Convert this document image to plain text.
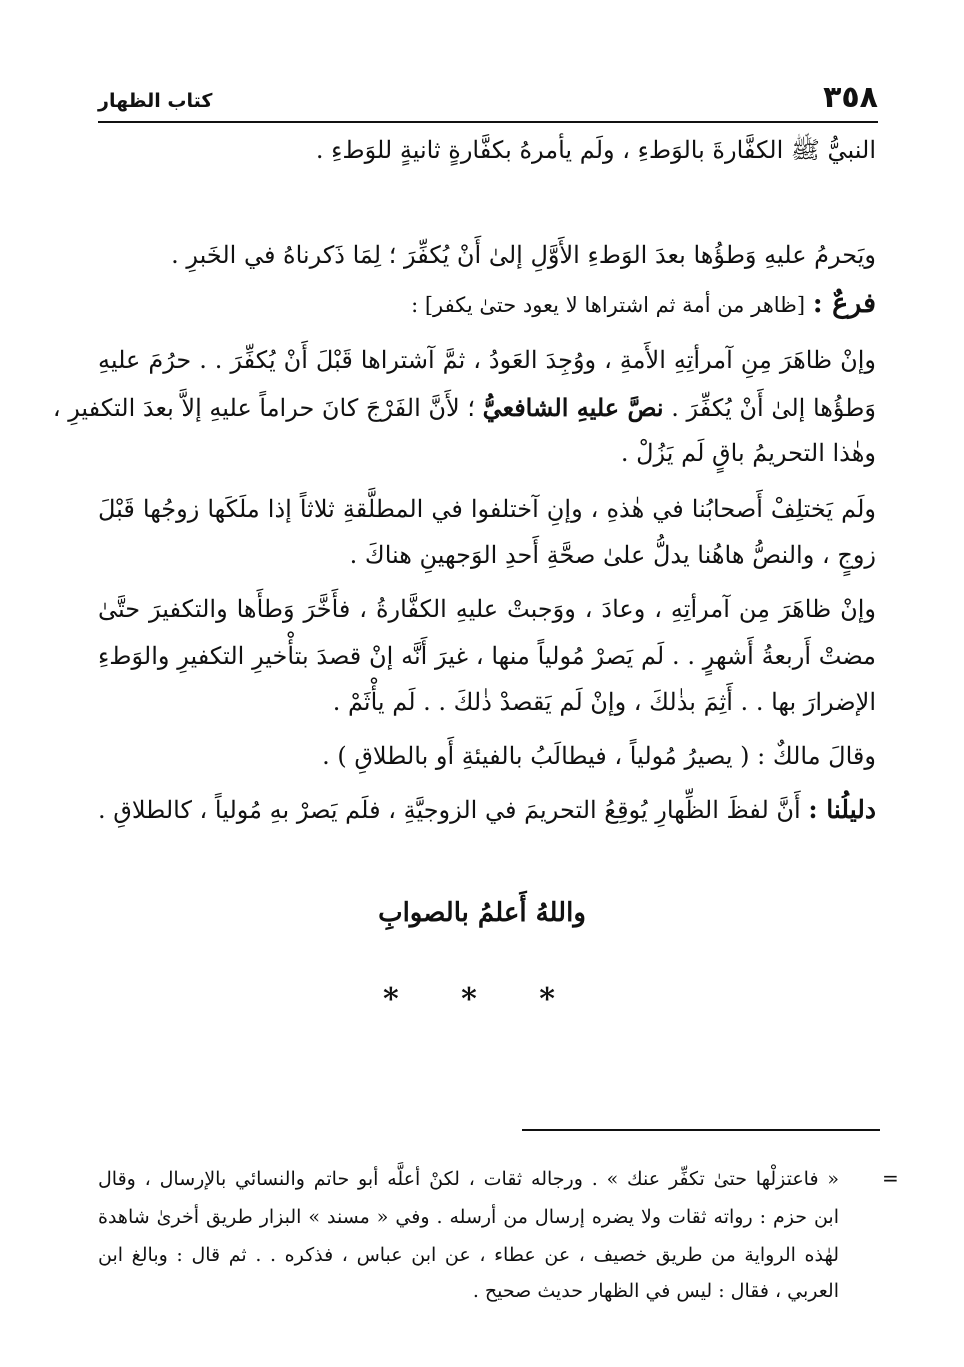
٣٥٨
كتاب الظهار
النبيُّ ﷺ الكفَّارةَ بالوَطءِ ، ولَم يأمرهُ بكفَّارةٍ ثانيةٍ للوَطءِ .
ويَحرمُ عليهِ وَطؤُها بعدَ الوَطءِ الأَوَّلِ إلىٰ أَنْ يُكفِّرَ ؛ لِمَا ذَكرناهُ في الخَبرِ .
فرعٌ : [ظاهر من أمة ثم اشتراها لا يعود حتىٰ يكفر] :
وإنْ ظاهَرَ مِنِ آمرأتِهِ الأَمةِ ، ووُجِدَ العَودُ ، ثمَّ آشتراها قَبْلَ أَنْ يُكفِّرَ . . حرُمَ عليهِ
وَطؤُها إلىٰ أَنْ يُكفِّرَ . نصَّ عليهِ الشافعيُّ ؛ لأَنَّ الفَرْجَ كانَ حراماً عليهِ إلاَّ بعدَ التكفيرِ ،
وهٰذا التحريمُ باقٍ لَم يَزُلْ .
ولَم يَختلِفْ أَصحابُنا في هٰذهِ ، وإنِ آختلفوا في المطلَّقةِ ثلاثاً إذا ملَكَها زوجُها قَبْلَ
زوجٍ ، والنصُّ هاهُنا يدلُّ علىٰ صحَّةِ أَحدِ الوَجهينِ هناكَ .
وإنْ ظاهَرَ مِن آمرأتِهِ ، وعادَ ، ووَجبتْ عليهِ الكفَّارةُ ، فأَخَّرَ وَطأَها والتكفيرَ حتَّىٰ
مضتْ أَربعةُ أَشهرٍ . . لَم يَصرْ مُولياً منها ، غيرَ أَنَّه إنْ قصدَ بتأْخيرِ التكفيرِ والوَطءِ
الإضرارَ بها . . أَثِمَ بذٰلكَ ، وإنْ لَم يَقصدْ ذٰلكَ . . لَم يأْثَمْ .
وقالَ مالكٌ : ( يصيرُ مُولياً ، فيطالَبُ بالفيئةِ أَو بالطلاقِ ) .
دليلُنا : أَنَّ لفظَ الظِّهارِ يُوقِعُ التحريمَ في الزوجيَّةِ ، فلَم يَصرْ بهِ مُولياً ، كالطلاقِ .
واللهُ أَعلمُ بالصوابِ
* * *
=
« فاعتزلْها حتىٰ تكفِّر عنك » . ورجاله ثقات ، لكنْ أعلَّه أبو حاتم والنسائي بالإرسال ، وقال
ابن حزم : رواته ثقات ولا يضره إرسال من أرسله . وفي « مسند » البزار طريق أخرىٰ شاهدة
لهٰذه الرواية من طريق خصيف ، عن عطاء ، عن ابن عباس ، فذكره . . ثم قال : وبالغ ابن
العربي ، فقال : ليس في الظهار حديث صحيح .
